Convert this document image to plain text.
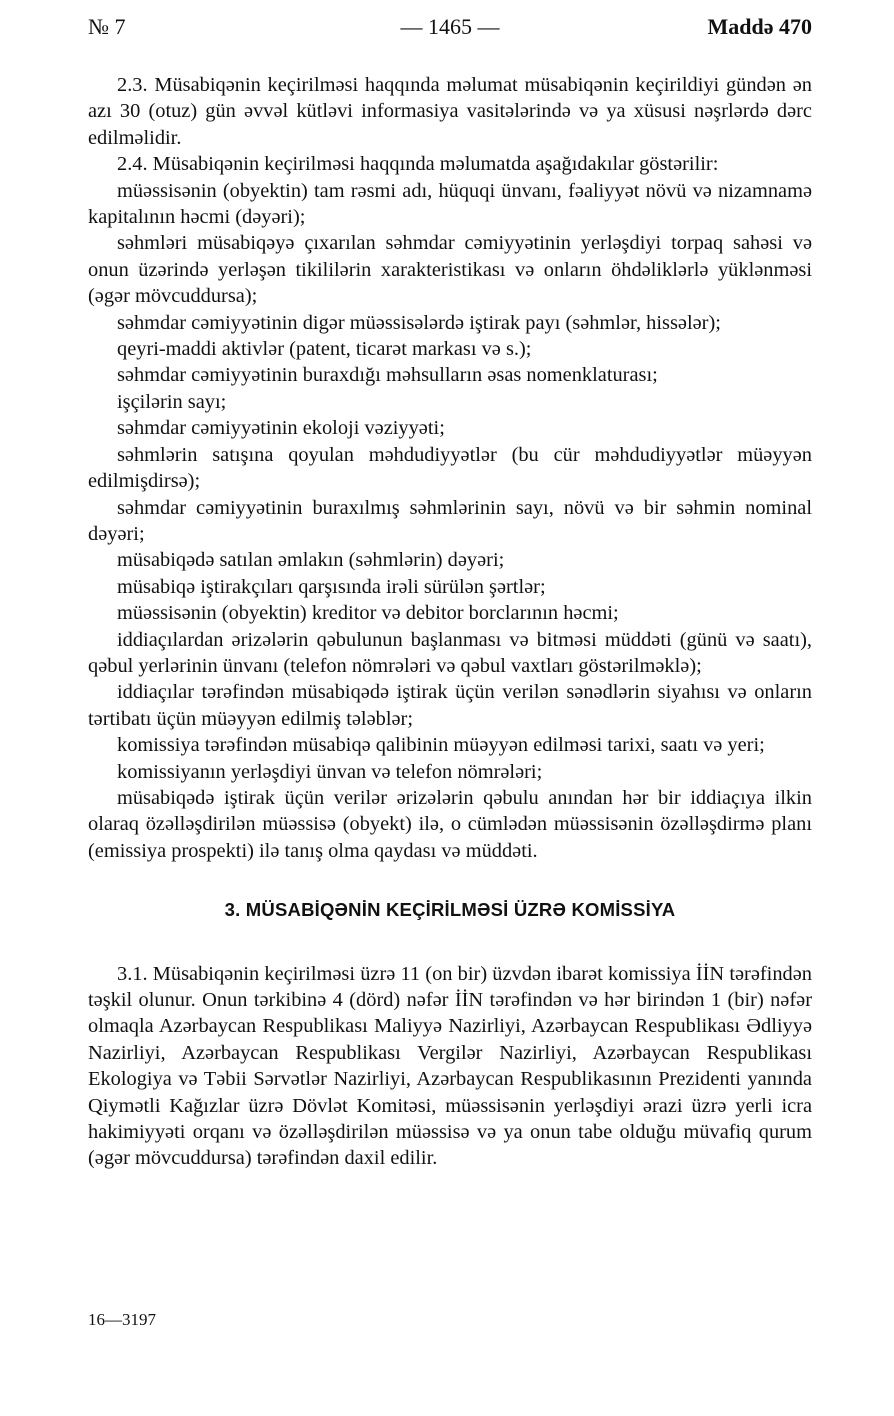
№ 7	— 1465 —	Maddə 470

2.3. Müsabiqənin keçirilməsi haqqında məlumat müsabiqənin keçirildiyi gündən ən azı 30 (otuz) gün əvvəl kütləvi informasiya vasitələrində və ya xüsusi nəşrlərdə dərc edilməlidir.

2.4. Müsabiqənin keçirilməsi haqqında məlumatda aşağıdakılar göstərilir:

müəssisənin (obyektin) tam rəsmi adı, hüquqi ünvanı, fəaliyyət növü və nizamnamə kapitalının həcmi (dəyəri);

səhmləri müsabiqəyə çıxarılan səhmdar cəmiyyətinin yerləşdiyi torpaq sahəsi və onun üzərində yerləşən tikililərin xarakteristikası və onların öhdəliklərlə yüklənməsi (əgər mövcuddursa);

səhmdar cəmiyyətinin digər müəssisələrdə iştirak payı (səhmlər, hissələr);

qeyri-maddi aktivlər (patent, ticarət markası və s.);

səhmdar cəmiyyətinin buraxdığı məhsulların əsas nomenklaturası;

işçilərin sayı;

səhmdar cəmiyyətinin ekoloji vəziyyəti;

səhmlərin satışına qoyulan məhdudiyyətlər (bu cür məhdudiyyətlər müəyyən edilmişdirsə);

səhmdar cəmiyyətinin buraxılmış səhmlərinin sayı, növü və bir səhmin nominal dəyəri;

müsabiqədə satılan əmlakın (səhmlərin) dəyəri;

müsabiqə iştirakçıları qarşısında irəli sürülən şərtlər;

müəssisənin (obyektin) kreditor və debitor borclarının həcmi;

iddiaçılardan ərizələrin qəbulunun başlanması və bitməsi müddəti (günü və saatı), qəbul yerlərinin ünvanı (telefon nömrələri və qəbul vaxtları göstərilməklə);

iddiaçılar tərəfindən müsabiqədə iştirak üçün verilən sənədlərin siyahısı və onların tərtibatı üçün müəyyən edilmiş tələblər;

komissiya tərəfindən müsabiqə qalibinin müəyyən edilməsi tarixi, saatı və yeri;

komissiyanın yerləşdiyi ünvan və telefon nömrələri;

müsabiqədə iştirak üçün verilər ərizələrin qəbulu anından hər bir iddiaçıya ilkin olaraq özəlləşdirilən müəssisə (obyekt) ilə, o cümlədən müəssisənin özəlləşdirmə planı (emissiya prospekti) ilə tanış olma qaydası və müddəti.

3. MÜSABİQƏNİN KEÇİRİLMƏSİ ÜZRƏ KOMİSSİYA

3.1. Müsabiqənin keçirilməsi üzrə 11 (on bir) üzvdən ibarət komissiya İİN tərəfindən təşkil olunur. Onun tərkibinə 4 (dörd) nəfər İİN tərəfindən və hər birindən 1 (bir) nəfər olmaqla Azərbaycan Respublikası Maliyyə Nazirliyi, Azərbaycan Respublikası Ədliyyə Nazirliyi, Azərbaycan Respublikası Vergilər Nazirliyi, Azərbaycan Respublikası Ekologiya və Təbii Sərvətlər Nazirliyi, Azərbaycan Respublikasının Prezidenti yanında Qiymətli Kağızlar üzrə Dövlət Komitəsi, müəssisənin yerləşdiyi ərazi üzrə yerli icra hakimiyyəti orqanı və özəlləşdirilən müəssisə və ya onun tabe olduğu müvafiq qurum (əgər mövcuddursa) tərəfindən daxil edilir.

16—3197
